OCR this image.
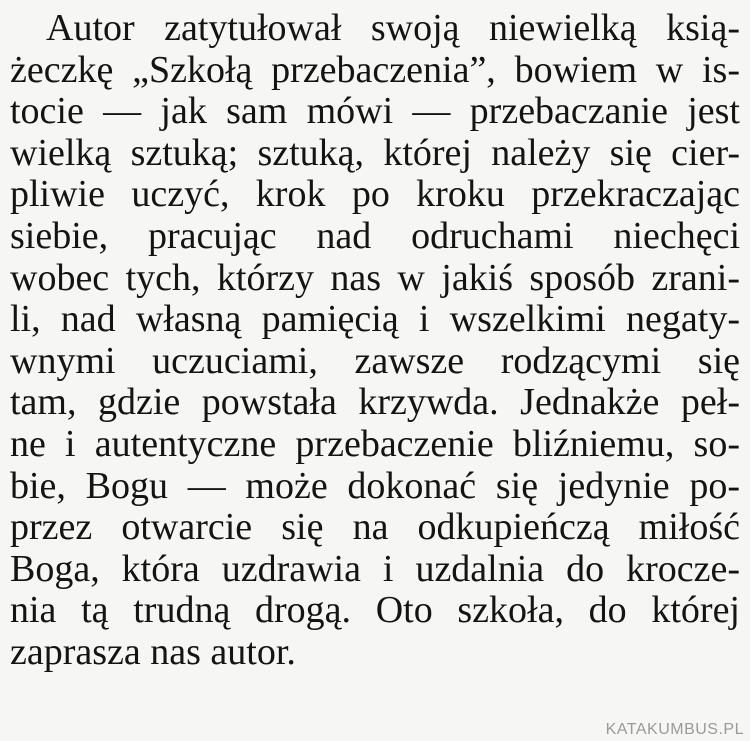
Autor zatytułował swoją niewielką ksią-
żeczkę „Szkołą przebaczenia”, bowiem w is-
tocie — jak sam mówi — przebaczanie jest
wielką sztuką; sztuką, której należy się cier-
pliwie uczyć, krok po kroku przekraczając
siebie, pracując nad odruchami niechęci
wobec tych, którzy nas w jakiś sposób zrani-
li, nad własną pamięcią i wszelkimi negaty-
wnymi uczuciami, zawsze rodzącymi się
tam, gdzie powstała krzywda. Jednakże peł-
ne i autentyczne przebaczenie bliźniemu, so-
bie, Bogu — może dokonać się jedynie po-
przez otwarcie się na odkupieńczą miłość
Boga, która uzdrawia i uzdalnia do kroczе-
nia tą trudną drogą. Oto szkoła, do której
zaprasza nas autor.
KATAKUMBUS.PL
